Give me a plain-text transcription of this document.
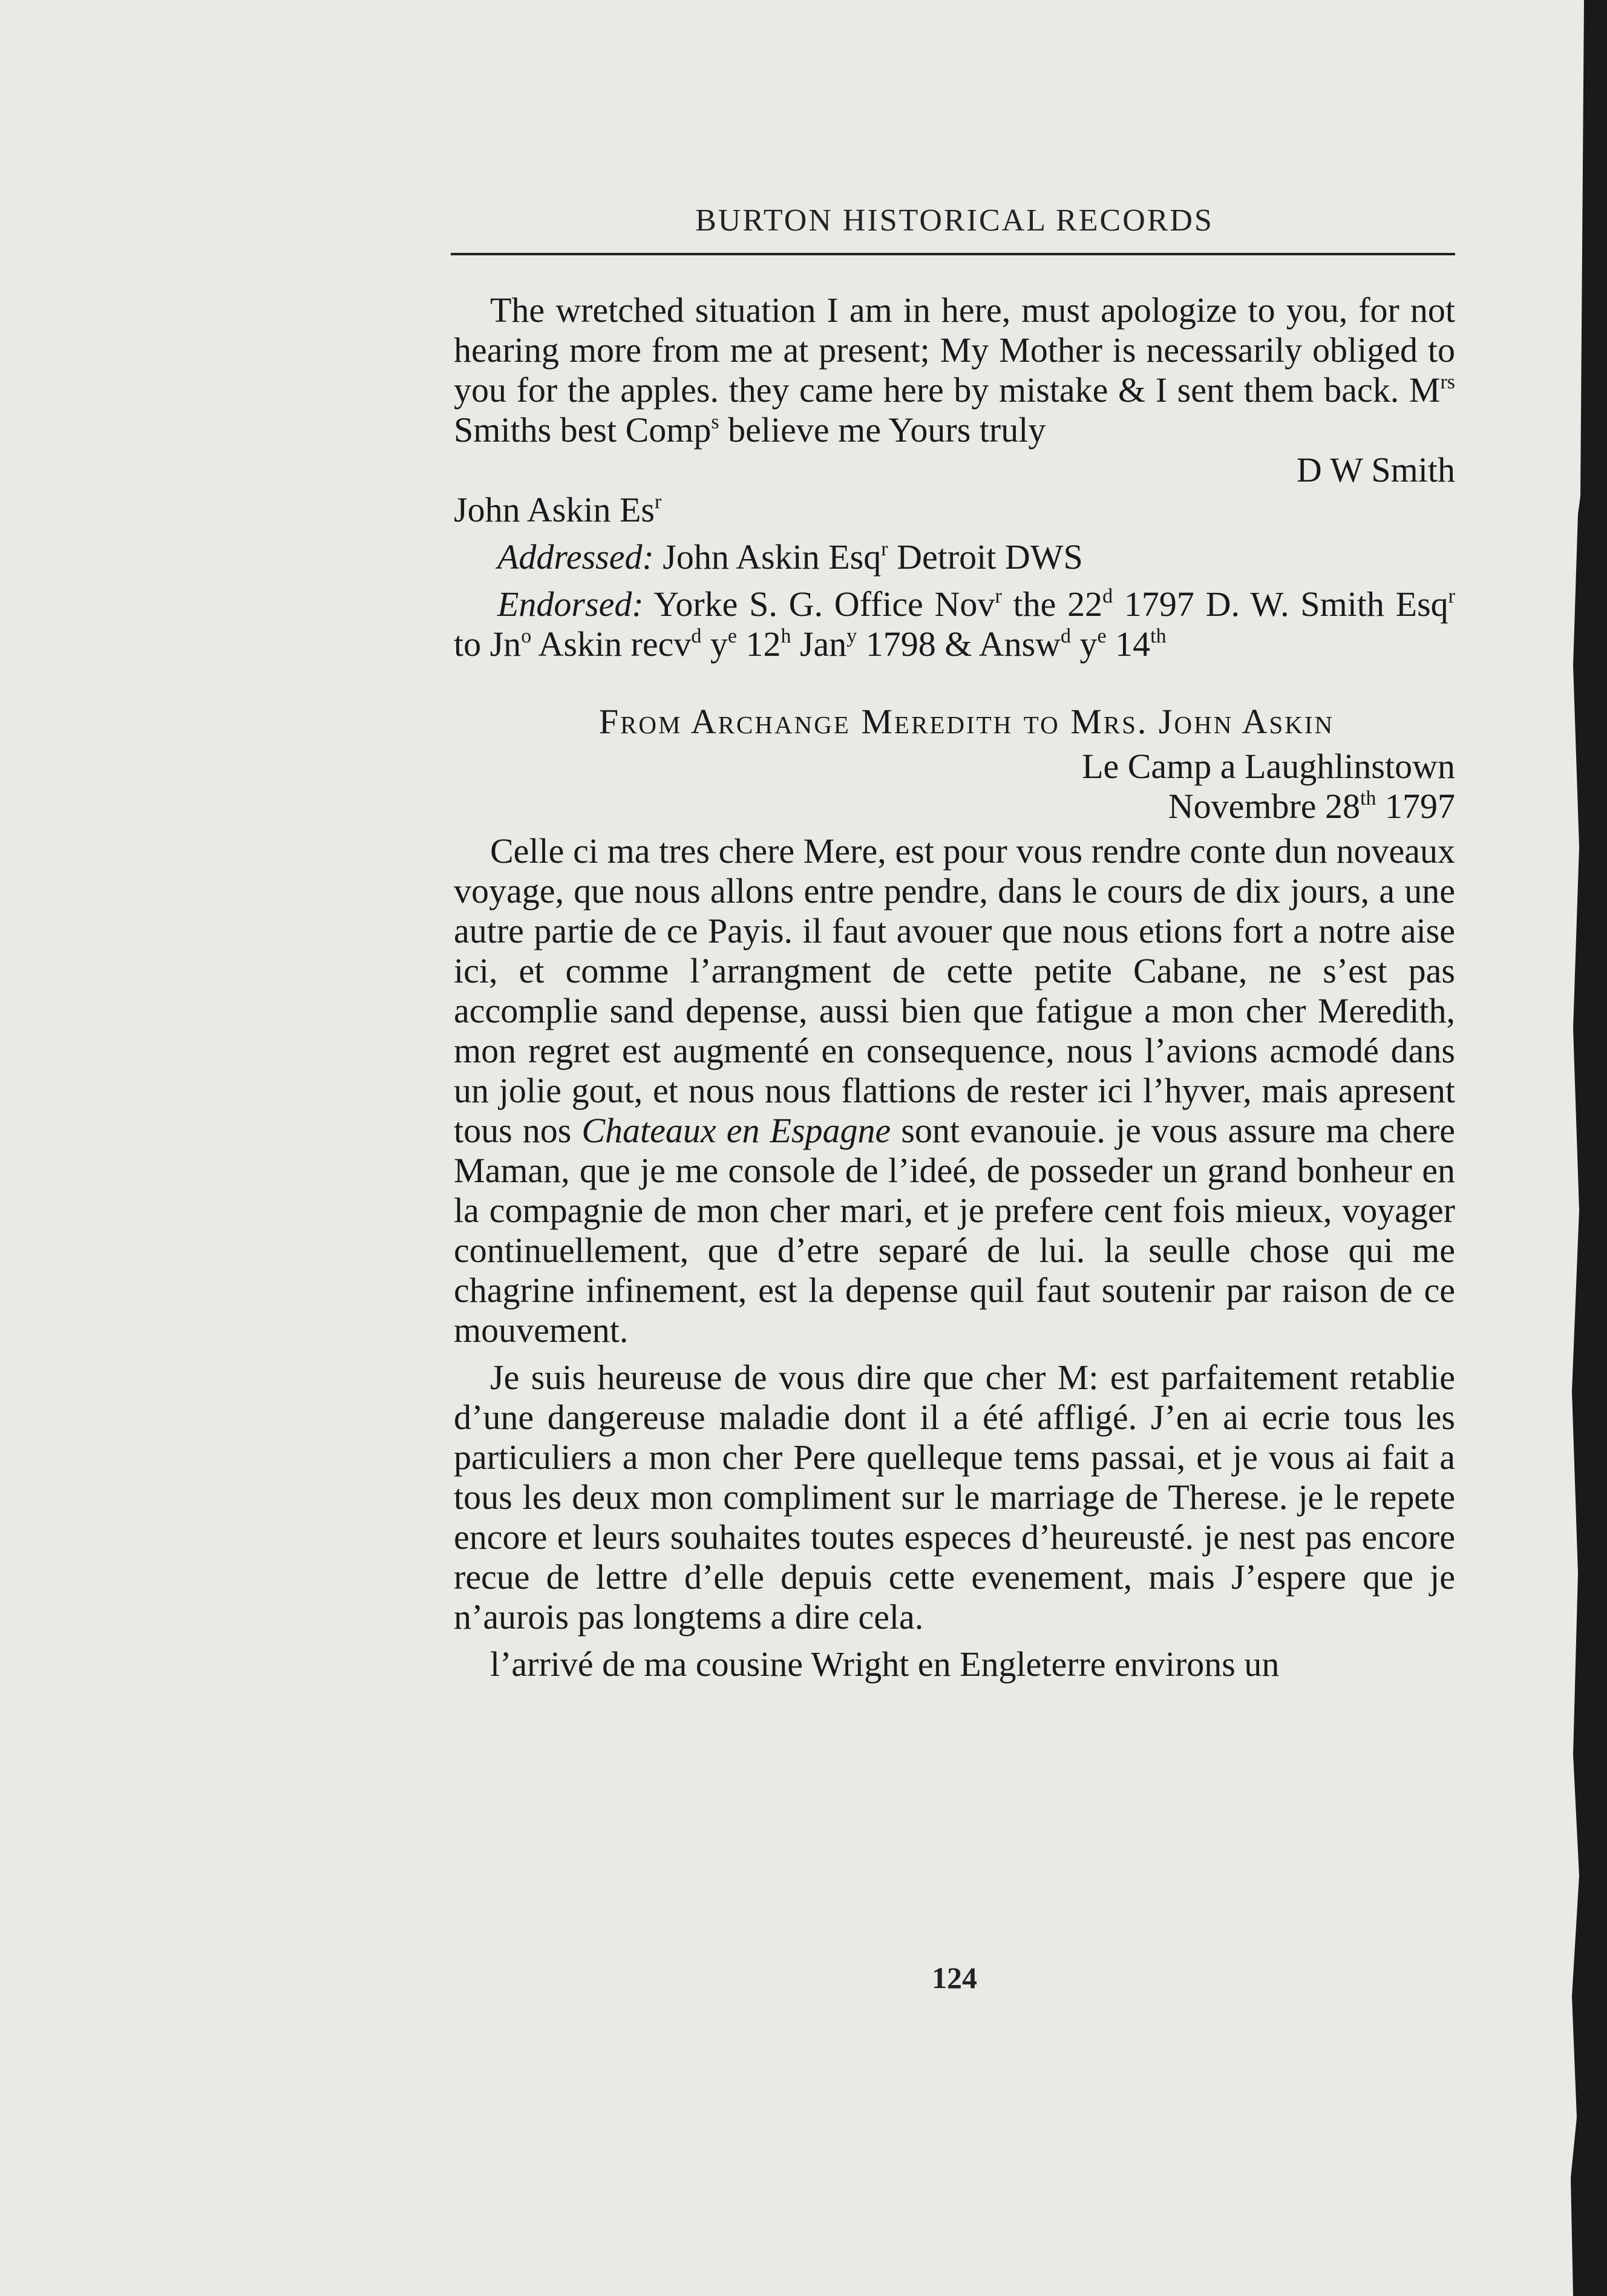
BURTON HISTORICAL RECORDS

The wretched situation I am in here, must apologize to you, for not hearing more from me at present; My Mother is necessarily obliged to you for the apples. they came here by mistake & I sent them back. $M^{rs}$ Smiths best Comp$^s$ believe me Yours truly

D W Smith

John Askin Es$^r$

Addressed: John Askin Esq$^r$ Detroit DWS

Endorsed: Yorke S. G. Office Nov$^r$ the 22$^d$ 1797 D. W. Smith Esq$^r$ to Jn$^o$ Askin recv$^d$ $y^e$ 12$^h$ Jan$^y$ 1798 & Answ$^d$ $y^e$ 14th

From Archange Meredith to Mrs. John Askin

Le Camp a Laughlinstown

Novembre 28th 1797

Celle ci ma tres chere Mere, est pour vous rendre conte dun noveaux voyage, que nous allons entre pendre, dans le cours de dix jours, a une autre partie de ce Payis. il faut avouer que nous etions fort a notre aise ici, et comme l’arrangment de cette petite Cabane, ne s’est pas accomplie sand depense, aussi bien que fatigue a mon cher Meredith, mon regret est augmenté en consequence, nous l’avions acmodé dans un jolie gout, et nous nous flattions de rester ici l’hyver, mais apresent tous nos Chateaux en Espagne sont evanouie. je vous assure ma chere Maman, que je me console de l’ideé, de posseder un grand bonheur en la compagnie de mon cher mari, et je prefere cent fois mieux, voyager continuellement, que d’etre separé de lui. la seulle chose qui me chagrine infinement, est la depense quil faut soutenir par raison de ce mouvement.

Je suis heureuse de vous dire que cher M: est parfaitement retablie d’une dangereuse maladie dont il a été affligé. J’en ai ecrie tous les particuliers a mon cher Pere quelleque tems passai, et je vous ai fait a tous les deux mon compliment sur le marriage de Therese. je le repete encore et leurs souhaites toutes especes d’heureusté. je nest pas encore recue de lettre d’elle depuis cette evenement, mais J’espere que je n’aurois pas longtems a dire cela.

l’arrivé de ma cousine Wright en Engleterre environs un

124
